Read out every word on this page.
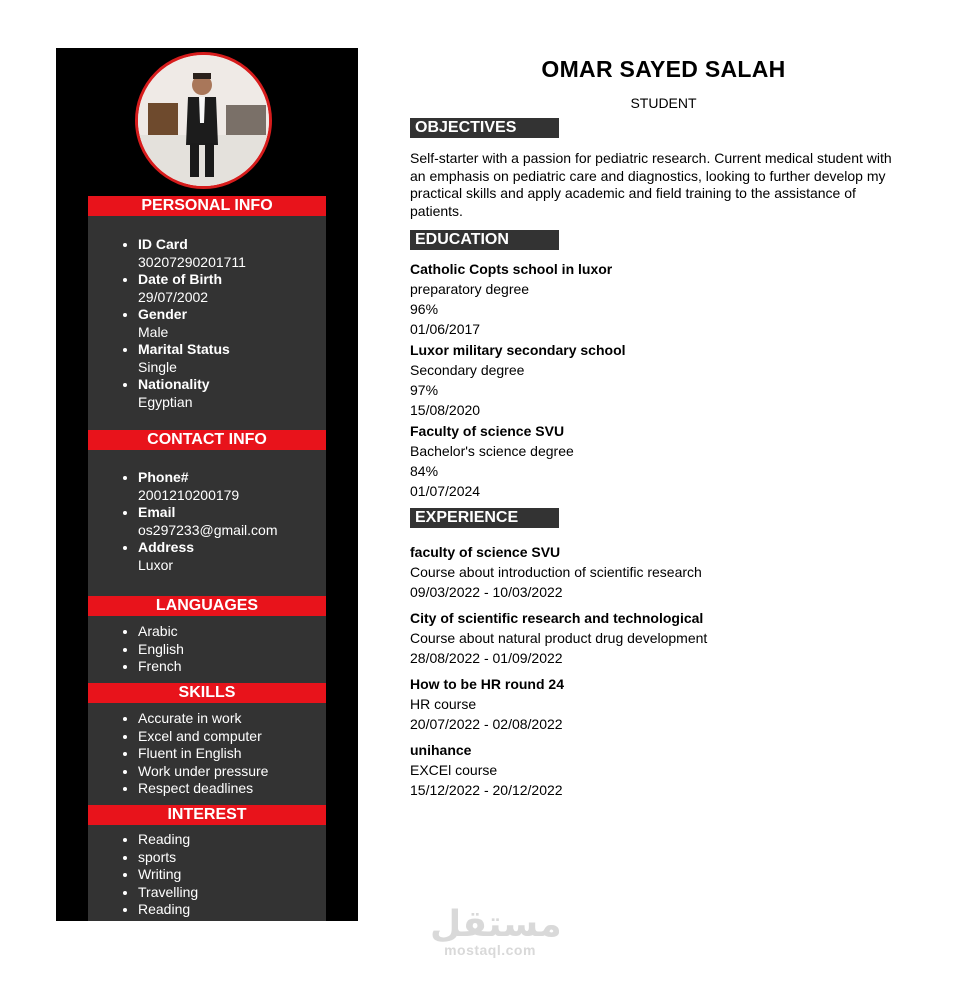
PERSONAL INFO
• ID Card
30207290201711
• Date of Birth
29/07/2002
• Gender
Male
• Marital Status
Single
• Nationality
Egyptian
CONTACT INFO
• Phone#
2001210200179
• Email
os297233@gmail.com
• Address
Luxor
LANGUAGES
• Arabic
• English
• French
SKILLS
• Accurate in work
• Excel and computer
• Fluent in English
• Work under pressure
• Respect deadlines
INTEREST
• Reading
• sports
• Writing
• Travelling
• Reading
OMAR SAYED SALAH
STUDENT
OBJECTIVES

Self-starter with a passion for pediatric research. Current medical student with an emphasis on pediatric care and diagnostics, looking to further develop my practical skills and apply academic and field training to the assistance of patients.

EDUCATION
Catholic Copts school in luxor
preparatory degree
96%
01/06/2017
Luxor military secondary school
Secondary degree
97%
15/08/2020
Faculty of science SVU
Bachelor's science degree
84%
01/07/2024
EXPERIENCE
faculty of science SVU
Course about introduction of scientific research
09/03/2022 - 10/03/2022
City of scientific research and technological
Course about natural product drug development
28/08/2022 - 01/09/2022
How to be HR round 24
HR course
20/07/2022 - 02/08/2022
unihance
EXCEl course
15/12/2022 - 20/12/2022
مستقل
mostaql.com
